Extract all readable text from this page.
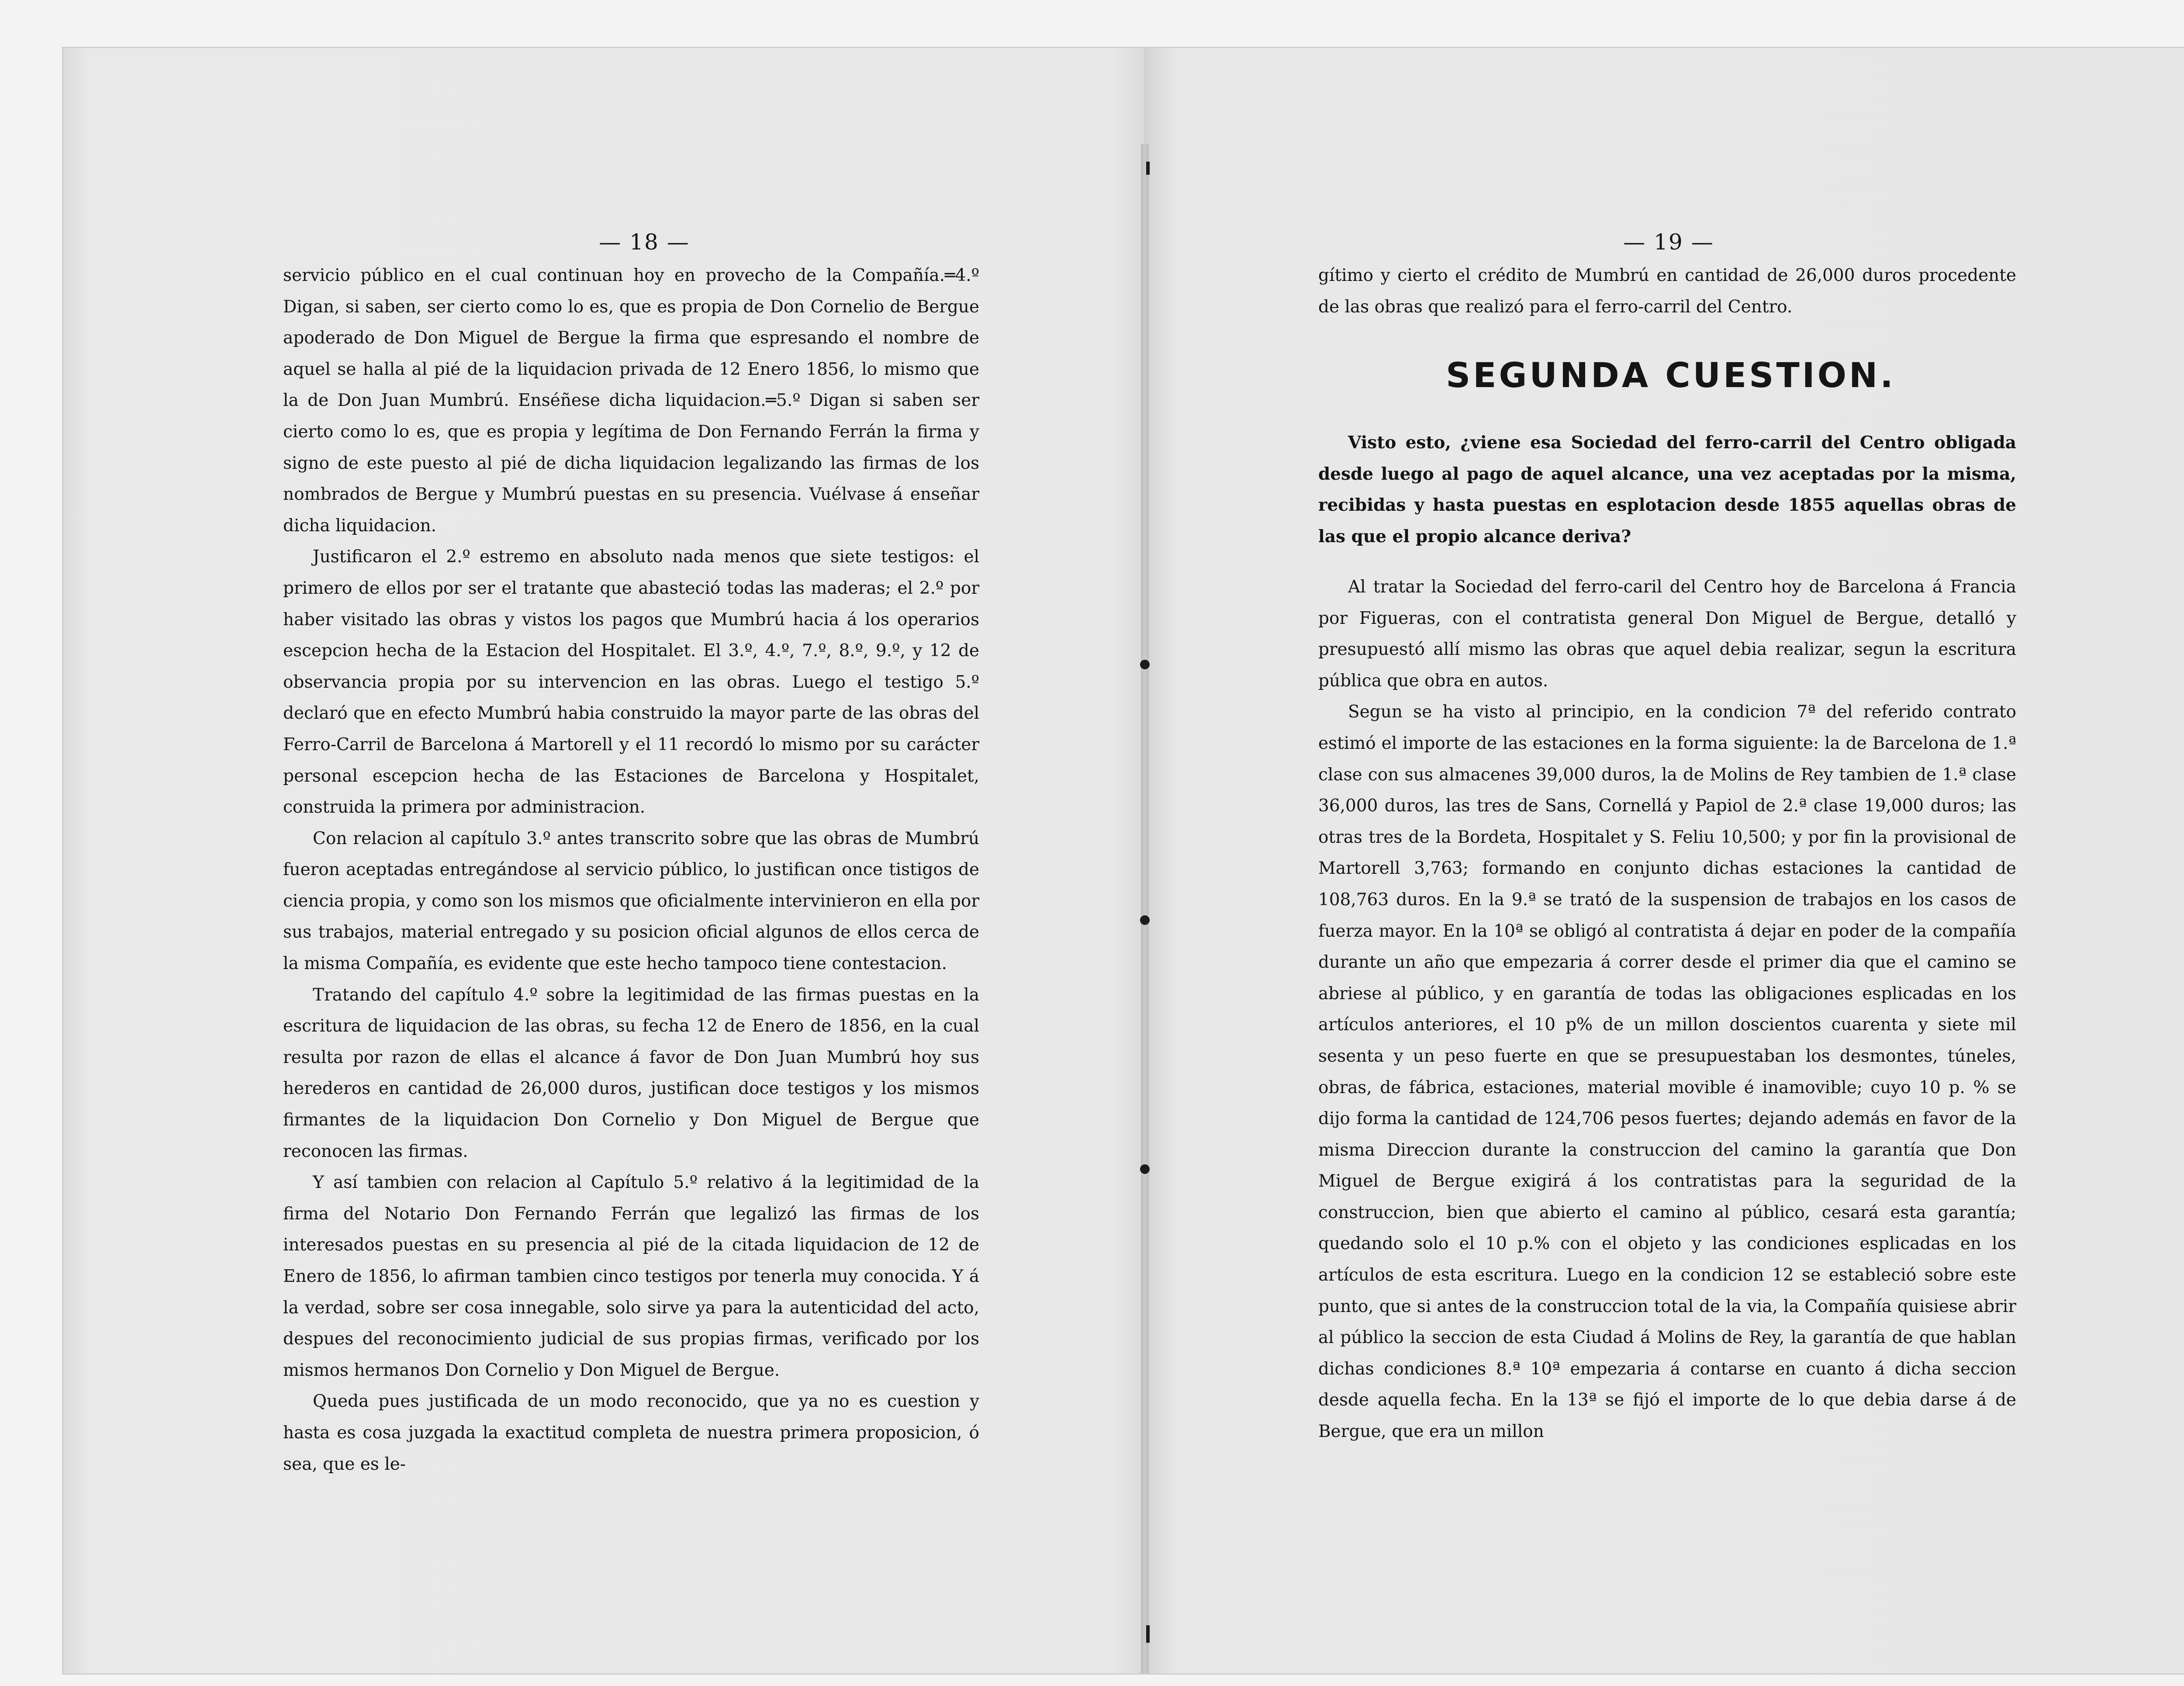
— 18 —

servicio público en el cual continuan hoy en provecho de la Compañía.═4.º Digan, si saben, ser cierto como lo es, que es propia de Don Cornelio de Bergue apoderado de Don Miguel de Bergue la firma que espresando el nombre de aquel se halla al pié de la liquidacion privada de 12 Enero 1856, lo mismo que la de Don Juan Mumbrú. Enséñese dicha liquidacion.═5.º Digan si saben ser cierto como lo es, que es propia y legítima de Don Fernando Ferrán la firma y signo de este puesto al pié de dicha liquidacion legalizando las firmas de los nombrados de Bergue y Mumbrú puestas en su presencia. Vuélvase á enseñar dicha liquidacion.

Justificaron el 2.º estremo en absoluto nada menos que siete testigos: el primero de ellos por ser el tratante que abasteció todas las maderas; el 2.º por haber visitado las obras y vistos los pagos que Mumbrú hacia á los operarios escepcion hecha de la Estacion del Hospitalet. El 3.º, 4.º, 7.º, 8.º, 9.º, y 12 de observancia propia por su intervencion en las obras. Luego el testigo 5.º declaró que en efecto Mumbrú habia construido la mayor parte de las obras del Ferro-Carril de Barcelona á Martorell y el 11 recordó lo mismo por su carácter personal escepcion hecha de las Estaciones de Barcelona y Hospitalet, construida la primera por administracion.

Con relacion al capítulo 3.º antes transcrito sobre que las obras de Mumbrú fueron aceptadas entregándose al servicio público, lo justifican once tistigos de ciencia propia, y como son los mismos que oficialmente intervinieron en ella por sus trabajos, material entregado y su posicion oficial algunos de ellos cerca de la misma Compañía, es evidente que este hecho tampoco tiene contestacion.

Tratando del capítulo 4.º sobre la legitimidad de las firmas puestas en la escritura de liquidacion de las obras, su fecha 12 de Enero de 1856, en la cual resulta por razon de ellas el alcance á favor de Don Juan Mumbrú hoy sus herederos en cantidad de 26,000 duros, justifican doce testigos y los mismos firmantes de la liquidacion Don Cornelio y Don Miguel de Bergue que reconocen las firmas.

Y así tambien con relacion al Capítulo 5.º relativo á la legitimidad de la firma del Notario Don Fernando Ferrán que legalizó las firmas de los interesados puestas en su presencia al pié de la citada liquidacion de 12 de Enero de 1856, lo afirman tambien cinco testigos por tenerla muy conocida. Y á la verdad, sobre ser cosa innegable, solo sirve ya para la autenticidad del acto, despues del reconocimiento judicial de sus propias firmas, verificado por los mismos hermanos Don Cornelio y Don Miguel de Bergue.

Queda pues justificada de un modo reconocido, que ya no es cuestion y hasta es cosa juzgada la exactitud completa de nuestra primera proposicion, ó sea, que es le-

— 19 —

gítimo y cierto el crédito de Mumbrú en cantidad de 26,000 duros procedente de las obras que realizó para el ferro-carril del Centro.

SEGUNDA CUESTION.

Visto esto, ¿viene esa Sociedad del ferro-carril del Centro obligada desde luego al pago de aquel alcance, una vez aceptadas por la misma, recibidas y hasta puestas en esplotacion desde 1855 aquellas obras de las que el propio alcance deriva?

Al tratar la Sociedad del ferro-caril del Centro hoy de Barcelona á Francia por Figueras, con el contratista general Don Miguel de Bergue, detalló y presupuestó allí mismo las obras que aquel debia realizar, segun la escritura pública que obra en autos.

Segun se ha visto al principio, en la condicion 7ª del referido contrato estimó el importe de las estaciones en la forma siguiente: la de Barcelona de 1.ª clase con sus almacenes 39,000 duros, la de Molins de Rey tambien de 1.ª clase 36,000 duros, las tres de Sans, Cornellá y Papiol de 2.ª clase 19,000 duros; las otras tres de la Bordeta, Hospitalet y S. Feliu 10,500; y por fin la provisional de Martorell 3,763; formando en conjunto dichas estaciones la cantidad de 108,763 duros. En la 9.ª se trató de la suspension de trabajos en los casos de fuerza mayor. En la 10ª se obligó al contratista á dejar en poder de la compañía durante un año que empezaria á correr desde el primer dia que el camino se abriese al público, y en garantía de todas las obligaciones esplicadas en los artículos anteriores, el 10 p% de un millon doscientos cuarenta y siete mil sesenta y un peso fuerte en que se presupuestaban los desmontes, túneles, obras, de fábrica, estaciones, material movible é inamovible; cuyo 10 p. % se dijo forma la cantidad de 124,706 pesos fuertes; dejando además en favor de la misma Direccion durante la construccion del camino la garantía que Don Miguel de Bergue exigirá á los contratistas para la seguridad de la construccion, bien que abierto el camino al público, cesará esta garantía; quedando solo el 10 p.% con el objeto y las condiciones esplicadas en los artículos de esta escritura. Luego en la condicion 12 se estableció sobre este punto, que si antes de la construccion total de la via, la Compañía quisiese abrir al público la seccion de esta Ciudad á Molins de Rey, la garantía de que hablan dichas condiciones 8.ª 10ª empezaria á contarse en cuanto á dicha seccion desde aquella fecha. En la 13ª se fijó el importe de lo que debia darse á de Bergue, que era un millon
